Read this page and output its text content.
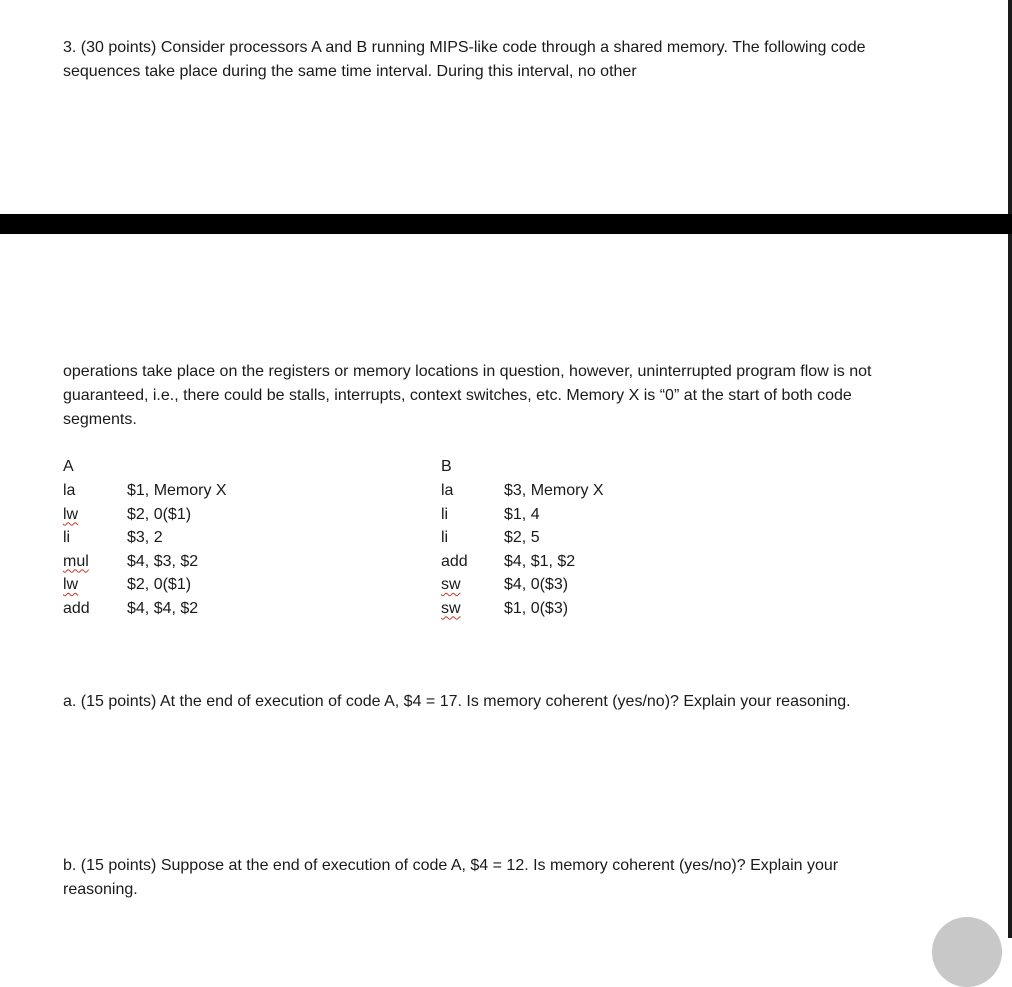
3. (30 points) Consider processors A and B running MIPS-like code through a shared memory. The following code sequences take place during the same time interval. During this interval, no other

operations take place on the registers or memory locations in question, however, uninterrupted program flow is not guaranteed, i.e., there could be stalls, interrupts, context switches, etc. Memory X is “0” at the start of both code segments.

A
la
lw
li
mul
lw
add
$1, Memory X
$2, 0($1)
$3, 2
$4, $3, $2
$2, 0($1)
$4, $4, $2
B
la
li
li
add
sw
sw
$3, Memory X
$1, 4
$2, 5
$4, $1, $2
$4, 0($3)
$1, 0($3)

a. (15 points) At the end of execution of code A, $4 = 17. Is memory coherent (yes/no)? Explain your reasoning.

b. (15 points) Suppose at the end of execution of code A, $4 = 12. Is memory coherent (yes/no)? Explain your reasoning.
